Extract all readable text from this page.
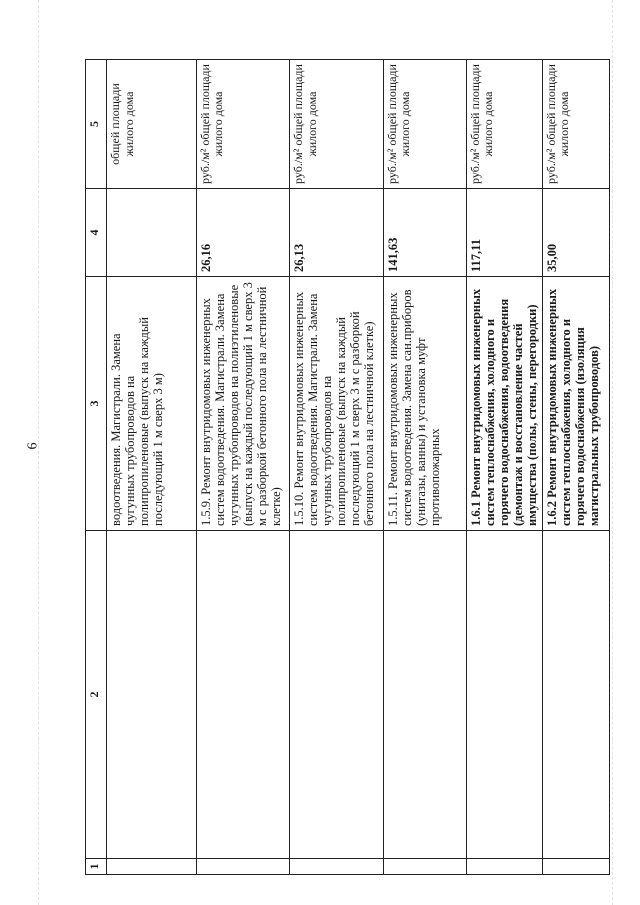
6
1	2	3	4	5
		водоотведения. Магистрали. Замена чугунных трубопроводов на полипропиленовые (выпуск на каждый последующий 1 м сверх 3 м)		общей площади жилого дома
		1.5.9. Ремонт внутридомовых инженерных систем водоотведения. Магистрали. Замена чугунных трубопроводов на полиэтиленовые (выпуск на каждый последующий 1 м сверх 3 м с разборкой бетонного пола на лестничной клетке)	26,16	руб./м² общей площади жилого дома
		1.5.10. Ремонт внутридомовых инженерных систем водоотведения. Магистрали. Замена чугунных трубопроводов на полипропиленовые (выпуск на каждый последующий 1 м сверх 3 м с разборкой бетонного пола на лестничной клетке)	26,13	руб./м² общей площади жилого дома
		1.5.11. Ремонт внутридомовых инженерных систем водоотведения. Замена сан.приборов (унитазы, ванны) и установка муфт противопожарных	141,63	руб./м² общей площади жилого дома
		1.6.1 Ремонт внутридомовых инженерных систем теплоснабжения, холодного и горячего водоснабжения, водоотведения (демонтаж и восстановление частей имущества (полы, стены, перегородки)	117,11	руб./м² общей площади жилого дома
		1.6.2 Ремонт внутридомовых инженерных систем теплоснабжения, холодного и горячего водоснабжения (изоляция магистральных трубопроводов)	35,00	руб./м² общей площади жилого дома
